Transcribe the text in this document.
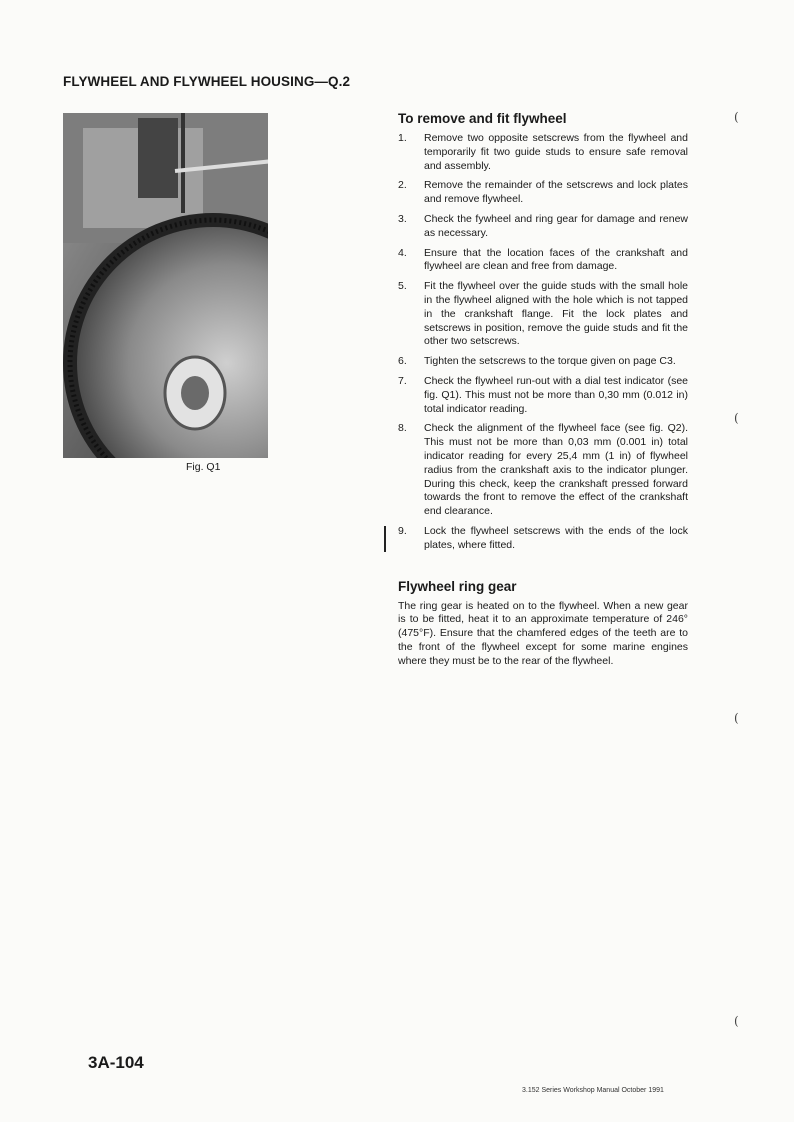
FLYWHEEL AND FLYWHEEL HOUSING—Q.2
Fig. Q1
To remove and fit flywheel
1.	Remove two opposite setscrews from the flywheel and temporarily fit two guide studs to ensure safe removal and assembly.
2.	Remove the remainder of the setscrews and lock plates and remove flywheel.
3.	Check the fywheel and ring gear for damage and renew as necessary.
4.	Ensure that the location faces of the crankshaft and flywheel are clean and free from damage.
5.	Fit the flywheel over the guide studs with the small hole in the flywheel aligned with the hole which is not tapped in the crankshaft flange. Fit the lock plates and setscrews in position, remove the guide studs and fit the other two setscrews.
6.	Tighten the setscrews to the torque given on page C3.
7.	Check the flywheel run-out with a dial test indicator (see fig. Q1). This must not be more than 0,30 mm (0.012 in) total indicator reading.
8.	Check the alignment of the flywheel face (see fig. Q2). This must not be more than 0,03 mm (0.001 in) total indicator reading for every 25,4 mm (1 in) of flywheel radius from the crankshaft axis to the indicator plunger. During this check, keep the crankshaft pressed forward towards the front to remove the effect of the crankshaft end clearance.
9.	Lock the flywheel setscrews with the ends of the lock plates, where fitted.
Flywheel ring gear

The ring gear is heated on to the flywheel. When a new gear is to be fitted, heat it to an approximate temperature of 246° (475°F). Ensure that the chamfered edges of the teeth are to the front of the flywheel except for some marine engines where they must be to the rear of the flywheel.

(
(
(
(
3A-104
3.152 Series Workshop Manual October 1991
